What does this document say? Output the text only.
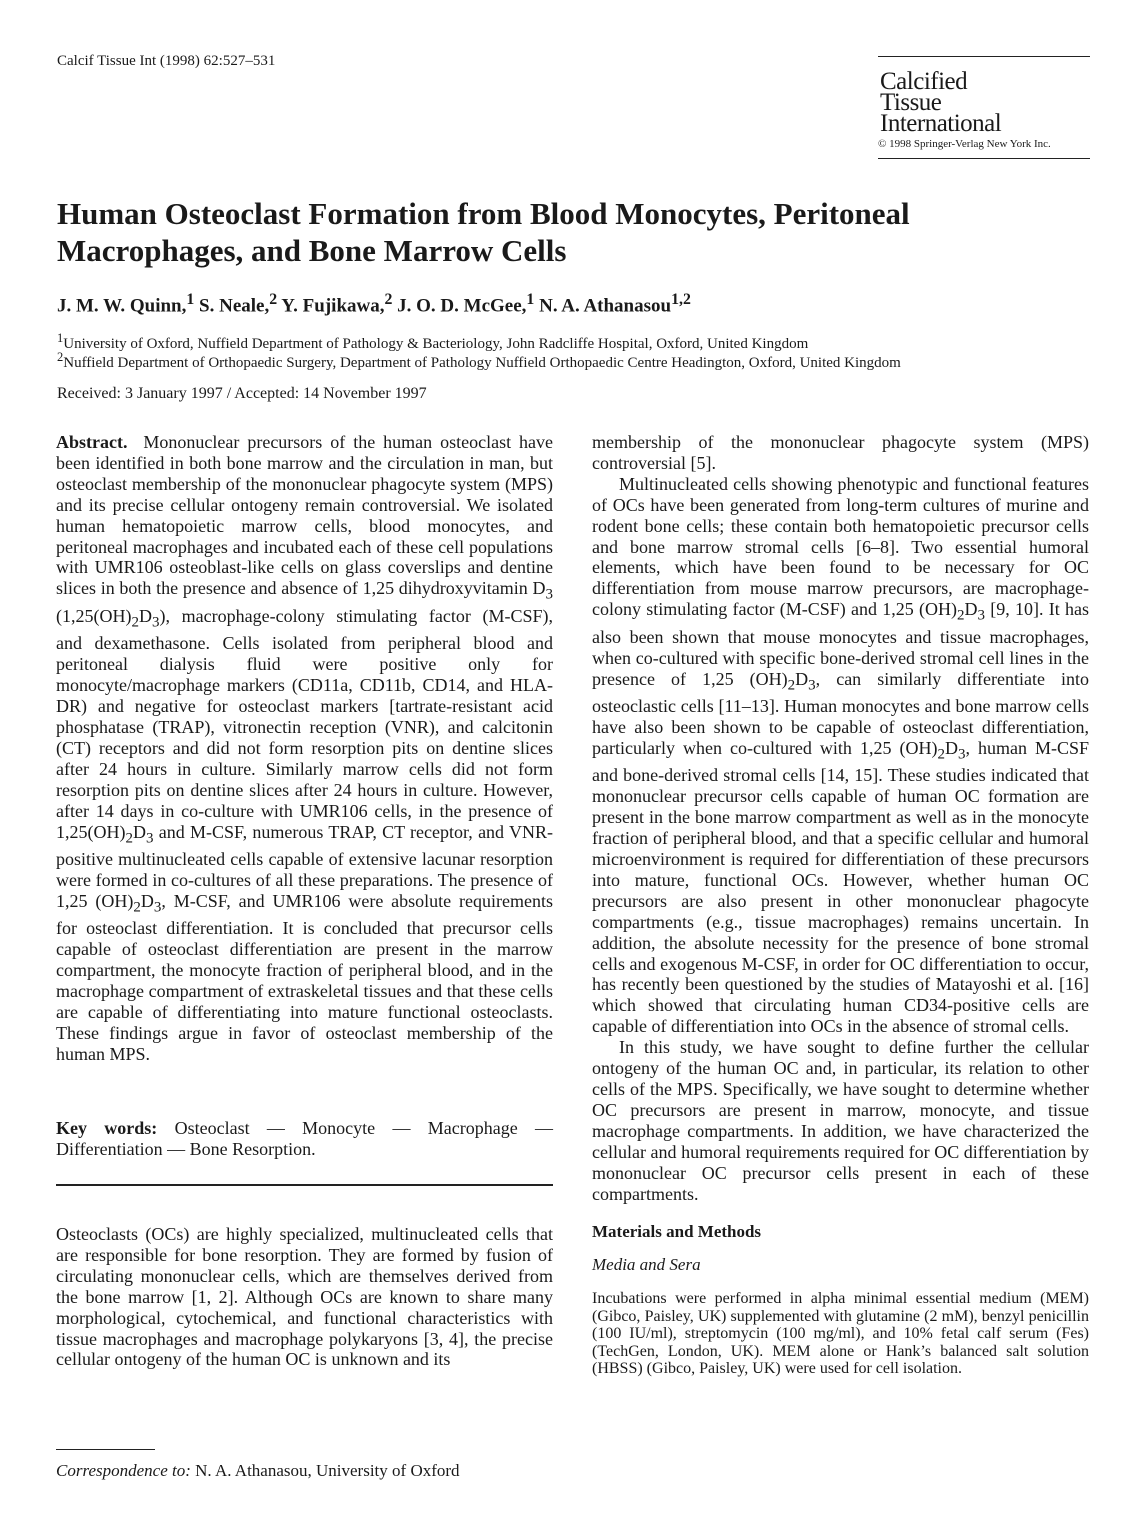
Calcif Tissue Int (1998) 62:527–531
Calcified
Tissue
International
© 1998 Springer-Verlag New York Inc.
Human Osteoclast Formation from Blood Monocytes, Peritoneal Macrophages, and Bone Marrow Cells
J. M. W. Quinn,$^1$ S. Neale,$^2$ Y. Fujikawa,$^2$ J. O. D. McGee,$^1$ N. A. Athanasou$^{1,2}$
$^1$University of Oxford, Nuffield Department of Pathology & Bacteriology, John Radcliffe Hospital, Oxford, United Kingdom
$^2$Nuffield Department of Orthopaedic Surgery, Department of Pathology Nuffield Orthopaedic Centre Headington, Oxford, United Kingdom
Received: 3 January 1997 / Accepted: 14 November 1997

Abstract. Mononuclear precursors of the human osteoclast have been identified in both bone marrow and the circulation in man, but osteoclast membership of the mononuclear phagocyte system (MPS) and its precise cellular ontogeny remain controversial. We isolated human hematopoietic marrow cells, blood monocytes, and peritoneal macrophages and incubated each of these cell populations with UMR106 osteoblast-like cells on glass coverslips and dentine slices in both the presence and absence of 1,25 dihydroxyvitamin $D_3$ $(1,25(OH)_2D_3)$, macrophage-colony stimulating factor (M-CSF), and dexamethasone. Cells isolated from peripheral blood and peritoneal dialysis fluid were positive only for monocyte/macrophage markers (CD11a, CD11b, CD14, and HLA-DR) and negative for osteoclast markers [tartrate-resistant acid phosphatase (TRAP), vitronectin reception (VNR), and calcitonin (CT) receptors and did not form resorption pits on dentine slices after 24 hours in culture. Similarly marrow cells did not form resorption pits on dentine slices after 24 hours in culture. However, after 14 days in co-culture with UMR106 cells, in the presence of $1,25(OH)_2D_3$ and M-CSF, numerous TRAP, CT receptor, and VNR-positive multinucleated cells capable of extensive lacunar resorption were formed in co-cultures of all these preparations. The presence of 1,25 $(OH)_2D_3$, M-CSF, and UMR106 were absolute requirements for osteoclast differentiation. It is concluded that precursor cells capable of osteoclast differentiation are present in the marrow compartment, the monocyte fraction of peripheral blood, and in the macrophage compartment of extraskeletal tissues and that these cells are capable of differentiating into mature functional osteoclasts. These findings argue in favor of osteoclast membership of the human MPS.

Key words: Osteoclast — Monocyte — Macrophage — Differentiation — Bone Resorption.

Osteoclasts (OCs) are highly specialized, multinucleated cells that are responsible for bone resorption. They are formed by fusion of circulating mononuclear cells, which are themselves derived from the bone marrow [1, 2]. Although OCs are known to share many morphological, cytochemical, and functional characteristics with tissue macrophages and macrophage polykaryons [3, 4], the precise cellular ontogeny of the human OC is unknown and its

Correspondence to: N. A. Athanasou, University of Oxford

membership of the mononuclear phagocyte system (MPS) controversial [5].

Multinucleated cells showing phenotypic and functional features of OCs have been generated from long-term cultures of murine and rodent bone cells; these contain both hematopoietic precursor cells and bone marrow stromal cells [6–8]. Two essential humoral elements, which have been found to be necessary for OC differentiation from mouse marrow precursors, are macrophage-colony stimulating factor (M-CSF) and 1,25 $(OH)_2D_3$ [9, 10]. It has also been shown that mouse monocytes and tissue macrophages, when co-cultured with specific bone-derived stromal cell lines in the presence of 1,25 $(OH)_2D_3$, can similarly differentiate into osteoclastic cells [11–13]. Human monocytes and bone marrow cells have also been shown to be capable of osteoclast differentiation, particularly when co-cultured with 1,25 $(OH)_2D_3$, human M-CSF and bone-derived stromal cells [14, 15]. These studies indicated that mononuclear precursor cells capable of human OC formation are present in the bone marrow compartment as well as in the monocyte fraction of peripheral blood, and that a specific cellular and humoral microenvironment is required for differentiation of these precursors into mature, functional OCs. However, whether human OC precursors are also present in other mononuclear phagocyte compartments (e.g., tissue macrophages) remains uncertain. In addition, the absolute necessity for the presence of bone stromal cells and exogenous M-CSF, in order for OC differentiation to occur, has recently been questioned by the studies of Matayoshi et al. [16] which showed that circulating human CD34-positive cells are capable of differentiation into OCs in the absence of stromal cells.

In this study, we have sought to define further the cellular ontogeny of the human OC and, in particular, its relation to other cells of the MPS. Specifically, we have sought to determine whether OC precursors are present in marrow, monocyte, and tissue macrophage compartments. In addition, we have characterized the cellular and humoral requirements required for OC differentiation by mononuclear OC precursor cells present in each of these compartments.

Materials and Methods

Media and Sera

Incubations were performed in alpha minimal essential medium (MEM) (Gibco, Paisley, UK) supplemented with glutamine (2 mM), benzyl penicillin (100 IU/ml), streptomycin (100 mg/ml), and 10% fetal calf serum (Fes) (TechGen, London, UK). MEM alone or Hank’s balanced salt solution (HBSS) (Gibco, Paisley, UK) were used for cell isolation.
